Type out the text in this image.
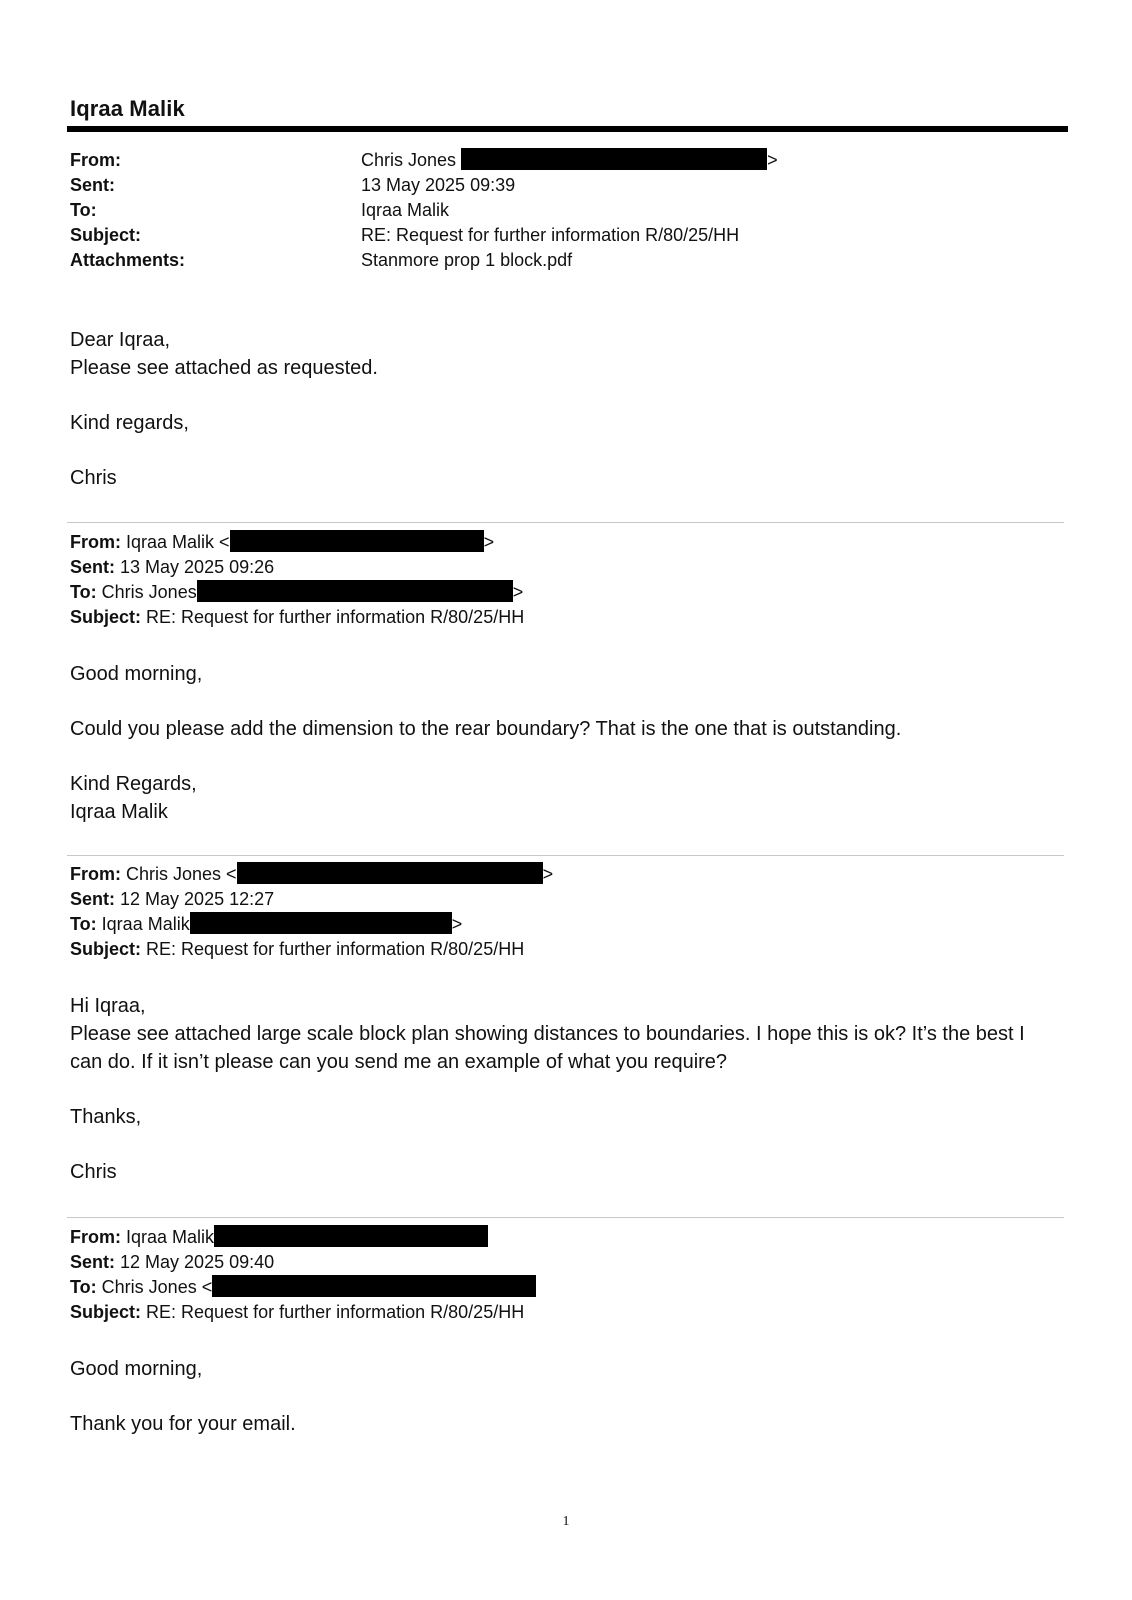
Iqraa Malik
From:	Chris Jones	>
Sent:	13 May 2025 09:39
To:	Iqraa Malik
Subject:	RE: Request for further information R/80/25/HH
Attachments:	Stanmore prop 1 block.pdf
Dear Iqraa,
Please see attached as requested.
Kind regards,
Chris
From: Iqraa Malik <	>
Sent: 13 May 2025 09:26
To: Chris Jones	>
Subject: RE: Request for further information R/80/25/HH
Good morning,
Could you please add the dimension to the rear boundary? That is the one that is outstanding.
Kind Regards,
Iqraa Malik
From: Chris Jones <	>
Sent: 12 May 2025 12:27
To: Iqraa Malik	>
Subject: RE: Request for further information R/80/25/HH
Hi Iqraa,
Please see attached large scale block plan showing distances to boundaries. I hope this is ok? It’s the best I
can do. If it isn’t please can you send me an example of what you require?
Thanks,
Chris
From: Iqraa Malik
Sent: 12 May 2025 09:40
To: Chris Jones <
Subject: RE: Request for further information R/80/25/HH
Good morning,
Thank you for your email.
1
